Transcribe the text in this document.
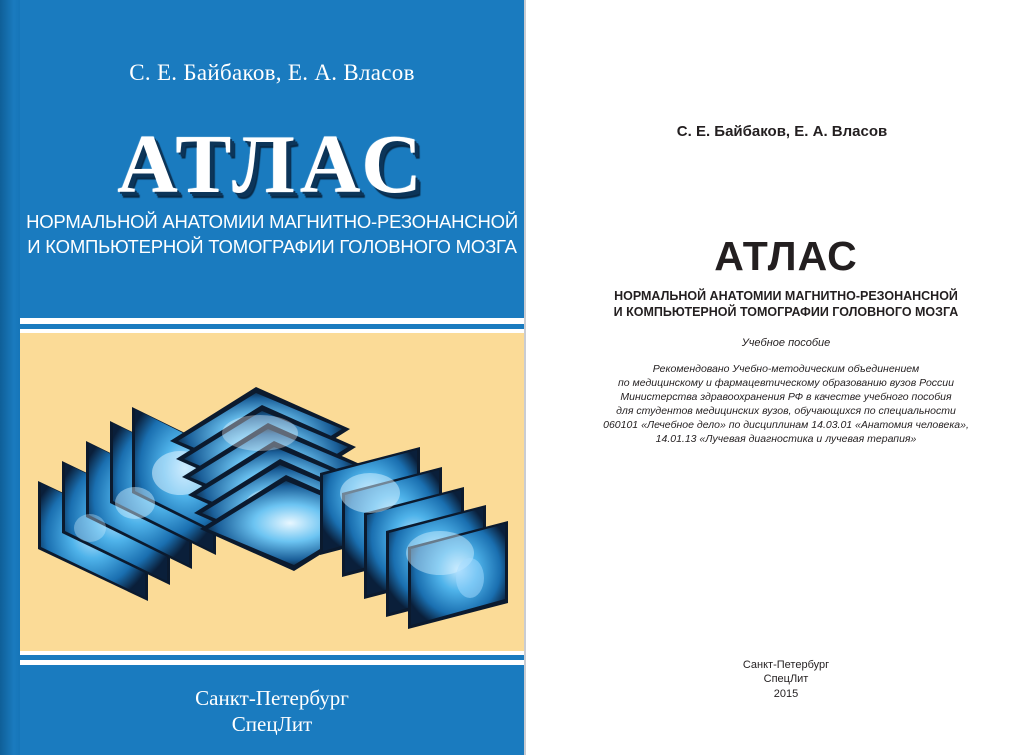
С. Е. Байбаков, Е. А. Власов
АТЛАС
НОРМАЛЬНОЙ АНАТОМИИ МАГНИТНО-РЕЗОНАНСНОЙ
И КОМПЬЮТЕРНОЙ ТОМОГРАФИИ ГОЛОВНОГО МОЗГА
Санкт-Петербург
СпецЛит
С. Е. Байбаков, Е. А. Власов
АТЛАС
НОРМАЛЬНОЙ АНАТОМИИ МАГНИТНО-РЕЗОНАНСНОЙ
И КОМПЬЮТЕРНОЙ ТОМОГРАФИИ ГОЛОВНОГО МОЗГА
Учебное пособие
Рекомендовано Учебно-методическим объединением
по медицинскому и фармацевтическому образованию вузов России
Министерства здравоохранения РФ в качестве учебного пособия
для студентов медицинских вузов, обучающихся по специальности
060101 «Лечебное дело» по дисциплинам 14.03.01 «Анатомия человека»,
14.01.13 «Лучевая диагностика и лучевая терапия»
Санкт-Петербург
СпецЛит
2015
